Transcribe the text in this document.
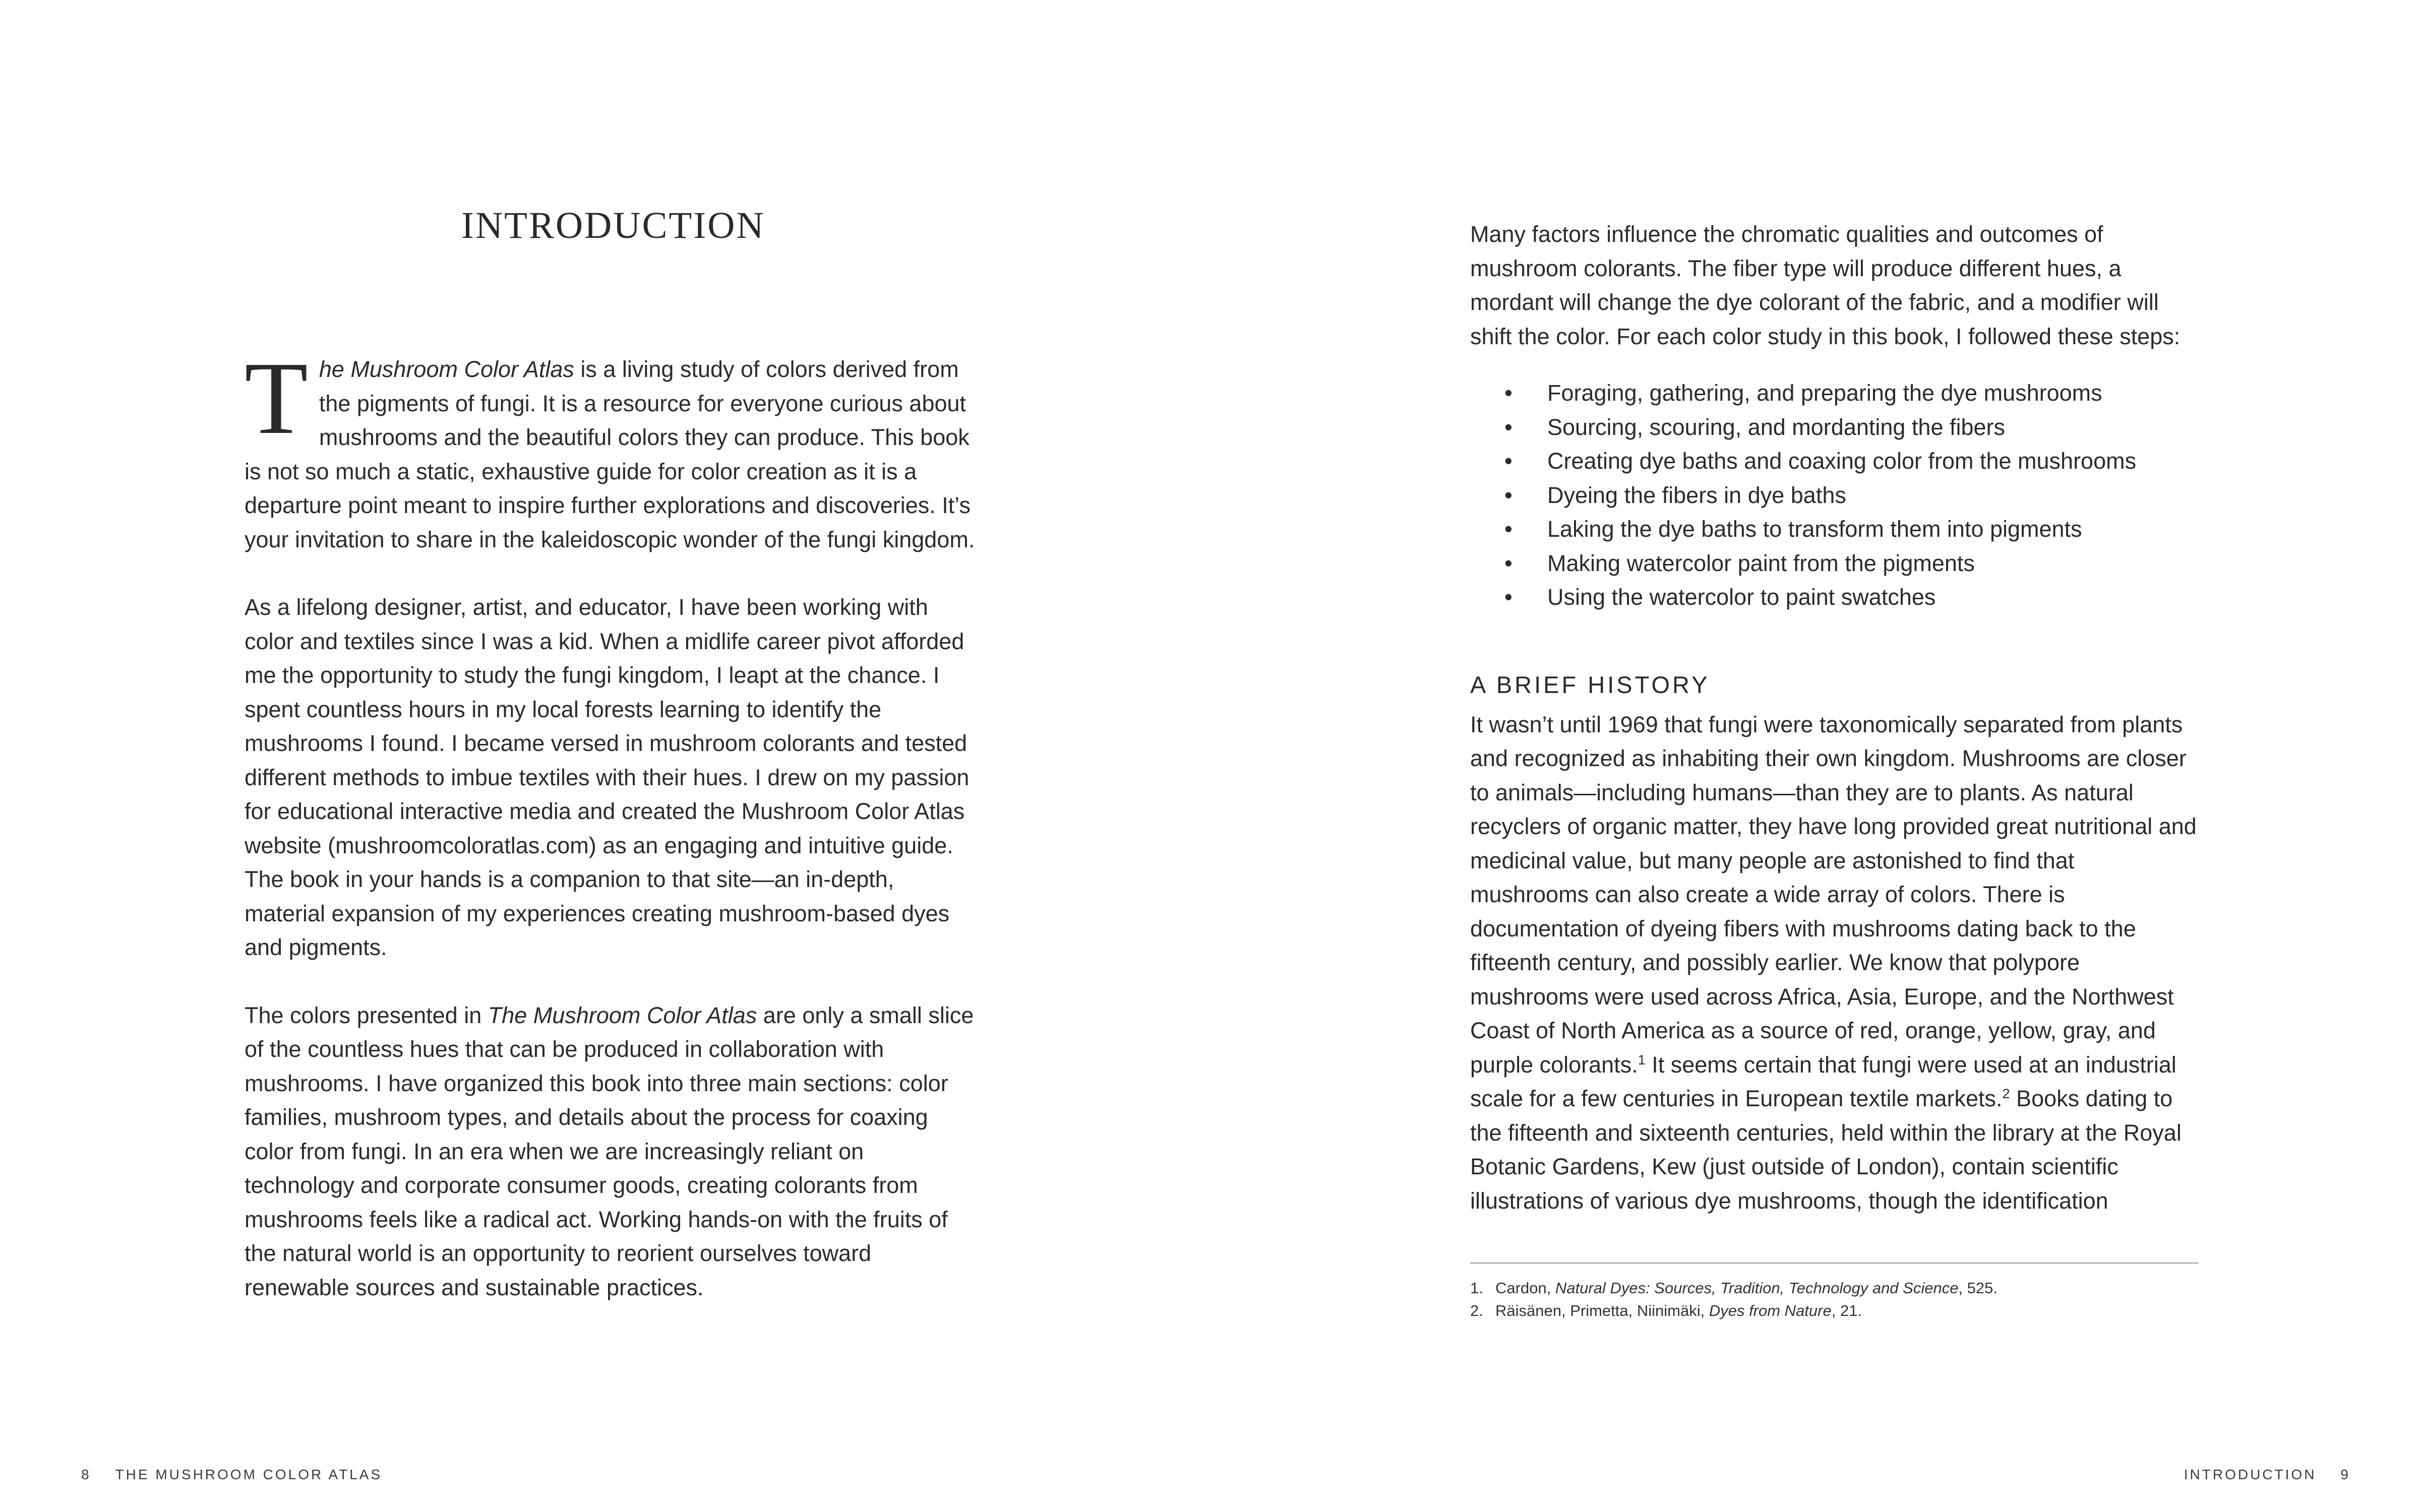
INTRODUCTION

The Mushroom Color Atlas is a living study of colors derived from the pigments of fungi. It is a resource for everyone curious about mushrooms and the beautiful colors they can produce. This book is not so much a static, exhaustive guide for color creation as it is a departure point meant to inspire further explorations and discoveries. It’s your invitation to share in the kaleidoscopic wonder of the fungi kingdom.

As a lifelong designer, artist, and educator, I have been working with color and textiles since I was a kid. When a midlife career pivot afforded me the opportunity to study the fungi kingdom, I leapt at the chance. I spent countless hours in my local forests learning to identify the mushrooms I found. I became versed in mushroom colorants and tested different methods to imbue textiles with their hues. I drew on my passion for educational interactive media and created the Mushroom Color Atlas website (mushroomcoloratlas.com) as an engaging and intuitive guide. The book in your hands is a companion to that site—an in-depth, material expansion of my experiences creating mushroom-based dyes and pigments.

The colors presented in The Mushroom Color Atlas are only a small slice of the countless hues that can be produced in collaboration with mushrooms. I have organized this book into three main sections: color families, mushroom types, and details about the process for coaxing color from fungi. In an era when we are increasingly reliant on technology and corporate consumer goods, creating colorants from mushrooms feels like a radical act. Working hands-on with the fruits of the natural world is an opportunity to reorient ourselves toward renewable sources and sustainable practices.

8 THE MUSHROOM COLOR ATLAS

Many factors influence the chromatic qualities and outcomes of mushroom colorants. The fiber type will produce different hues, a mordant will change the dye colorant of the fabric, and a modifier will shift the color. For each color study in this book, I followed these steps:

• Foraging, gathering, and preparing the dye mushrooms
• Sourcing, scouring, and mordanting the fibers
• Creating dye baths and coaxing color from the mushrooms
• Dyeing the fibers in dye baths
• Laking the dye baths to transform them into pigments
• Making watercolor paint from the pigments
• Using the watercolor to paint swatches
A BRIEF HISTORY

It wasn’t until 1969 that fungi were taxonomically separated from plants and recognized as inhabiting their own kingdom. Mushrooms are closer to animals—including humans—than they are to plants. As natural recyclers of organic matter, they have long provided great nutritional and medicinal value, but many people are astonished to find that mushrooms can also create a wide array of colors. There is documentation of dyeing fibers with mushrooms dating back to the fifteenth century, and possibly earlier. We know that polypore mushrooms were used across Africa, Asia, Europe, and the Northwest Coast of North America as a source of red, orange, yellow, gray, and purple colorants.$^1$ It seems certain that fungi were used at an industrial scale for a few centuries in European textile markets.$^2$ Books dating to the fifteenth and sixteenth centuries, held within the library at the Royal Botanic Gardens, Kew (just outside of London), contain scientific illustrations of various dye mushrooms, though the identification

1. Cardon, Natural Dyes: Sources, Tradition, Technology and Science, 525.
2. Räisänen, Primetta, Niinimäki, Dyes from Nature, 21.
INTRODUCTION 9
